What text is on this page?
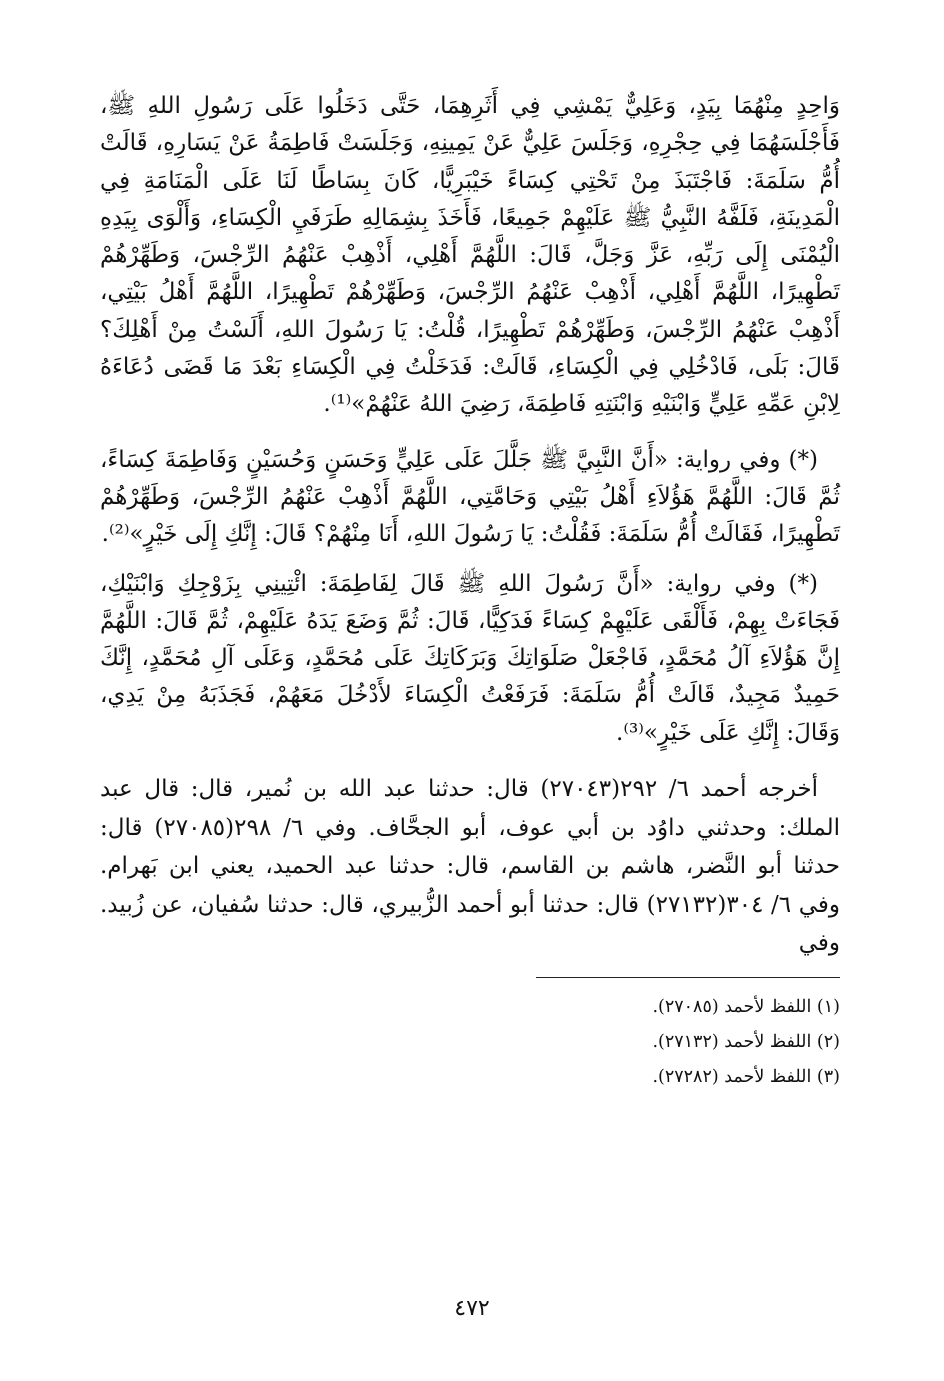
وَاحِدٍ مِنْهُمَا بِيَدٍ، وَعَلِيٌّ يَمْشِي فِي أَثَرِهِمَا، حَتَّى دَخَلُوا عَلَى رَسُولِ اللهِ ﷺ، فَأَجْلَسَهُمَا فِي حِجْرِهِ، وَجَلَسَ عَلِيٌّ عَنْ يَمِينِهِ، وَجَلَسَتْ فَاطِمَةُ عَنْ يَسَارِهِ، قَالَتْ أُمُّ سَلَمَةَ: فَاجْتَبَذَ مِنْ تَحْتِي كِسَاءً خَيْبَرِيًّا، كَانَ بِسَاطًا لَنَا عَلَى الْمَنَامَةِ فِي الْمَدِينَةِ، فَلَفَّهُ النَّبِيُّ ﷺ عَلَيْهِمْ جَمِيعًا، فَأَخَذَ بِشِمَالِهِ طَرَفَيِ الْكِسَاءِ، وَأَلْوَى بِيَدِهِ الْيُمْنَى إِلَى رَبِّهِ، عَزَّ وَجَلَّ، قَالَ: اللَّهُمَّ أَهْلِي، أَذْهِبْ عَنْهُمُ الرِّجْسَ، وَطَهِّرْهُمْ تَطْهِيرًا، اللَّهُمَّ أَهْلِي، أَذْهِبْ عَنْهُمُ الرِّجْسَ، وَطَهِّرْهُمْ تَطْهِيرًا، اللَّهُمَّ أَهْلُ بَيْتِي، أَذْهِبْ عَنْهُمُ الرِّجْسَ، وَطَهِّرْهُمْ تَطْهِيرًا، قُلْتُ: يَا رَسُولَ اللهِ، أَلَسْتُ مِنْ أَهْلِكَ؟ قَالَ: بَلَى، فَادْخُلِي فِي الْكِسَاءِ، قَالَتْ: فَدَخَلْتُ فِي الْكِسَاءِ بَعْدَ مَا قَضَى دُعَاءَهُ لِابْنِ عَمِّهِ عَلِيٍّ وَابْنَيْهِ وَابْنَتِهِ فَاطِمَةَ، رَضِيَ اللهُ عَنْهُمْ»⁽¹⁾.

(*) وفي رواية: «أَنَّ النَّبِيَّ ﷺ جَلَّلَ عَلَى عَلِيٍّ وَحَسَنٍ وَحُسَيْنٍ وَفَاطِمَةَ كِسَاءً، ثُمَّ قَالَ: اللَّهُمَّ هَؤُلاَءِ أَهْلُ بَيْتِي وَحَامَّتِي، اللَّهُمَّ أَذْهِبْ عَنْهُمُ الرِّجْسَ، وَطَهِّرْهُمْ تَطْهِيرًا، فَقَالَتْ أُمُّ سَلَمَةَ: فَقُلْتُ: يَا رَسُولَ اللهِ، أَنَا مِنْهُمْ؟ قَالَ: إِنَّكِ إِلَى خَيْرٍ»⁽²⁾.

(*) وفي رواية: «أَنَّ رَسُولَ اللهِ ﷺ قَالَ لِفَاطِمَةَ: ائْتِينِي بِزَوْجِكِ وَابْنَيْكِ، فَجَاءَتْ بِهِمْ، فَأَلْقَى عَلَيْهِمْ كِسَاءً فَدَكِيًّا، قَالَ: ثُمَّ وَضَعَ يَدَهُ عَلَيْهِمْ، ثُمَّ قَالَ: اللَّهُمَّ إِنَّ هَؤُلاَءِ آلُ مُحَمَّدٍ، فَاجْعَلْ صَلَوَاتِكَ وَبَرَكَاتِكَ عَلَى مُحَمَّدٍ، وَعَلَى آلِ مُحَمَّدٍ، إِنَّكَ حَمِيدٌ مَجِيدٌ، قَالَتْ أُمُّ سَلَمَةَ: فَرَفَعْتُ الْكِسَاءَ لأَدْخُلَ مَعَهُمْ، فَجَذَبَهُ مِنْ يَدِي، وَقَالَ: إِنَّكِ عَلَى خَيْرٍ»⁽³⁾.

أخرجه أحمد ٦/ ٢٩٢(٢٧٠٤٣) قال: حدثنا عبد الله بن نُمير، قال: قال عبد الملك: وحدثني داوُد بن أبي عوف، أبو الجحَّاف. وفي ٦/ ٢٩٨(٢٧٠٨٥) قال: حدثنا أبو النَّضر، هاشم بن القاسم، قال: حدثنا عبد الحميد، يعني ابن بَهرام. وفي ٦/ ٣٠٤(٢٧١٣٢) قال: حدثنا أبو أحمد الزُّبيري، قال: حدثنا سُفيان، عن زُبيد. وفي

(١) اللفظ لأحمد (٢٧٠٨٥).

(٢) اللفظ لأحمد (٢٧١٣٢).

(٣) اللفظ لأحمد (٢٧٢٨٢).

٤٧٢
